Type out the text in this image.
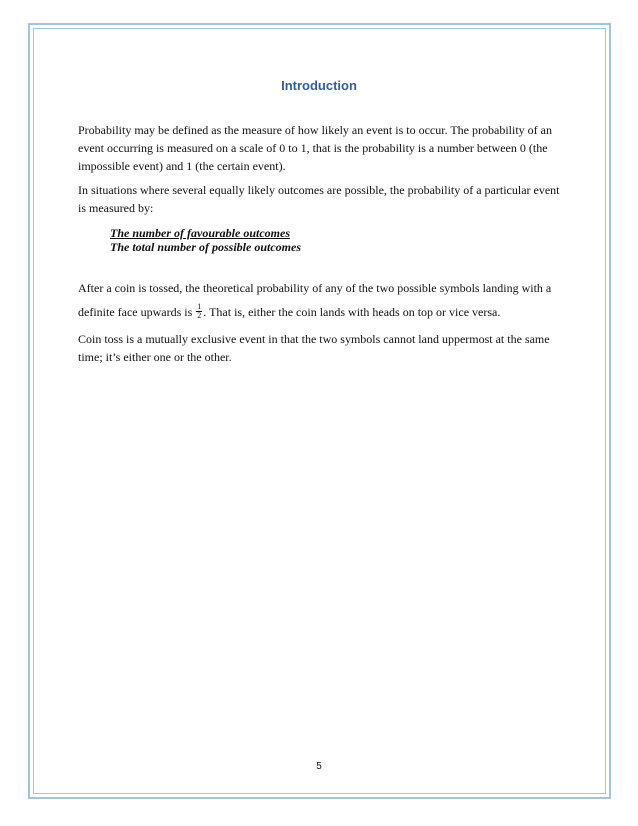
Introduction

Probability may be defined as the measure of how likely an event is to occur. The probability of an event occurring is measured on a scale of 0 to 1, that is the probability is a number between 0 (the impossible event) and 1 (the certain event).

In situations where several equally likely outcomes are possible, the probability of a particular event is measured by:

The number of favourable outcomes
The total number of possible outcomes

After a coin is tossed, the theoretical probability of any of the two possible symbols landing with a definite face upwards is $\frac{1}{2}$ . That is, either the coin lands with heads on top or vice versa.

Coin toss is a mutually exclusive event in that the two symbols cannot land uppermost at the same time; it’s either one or the other.

5
